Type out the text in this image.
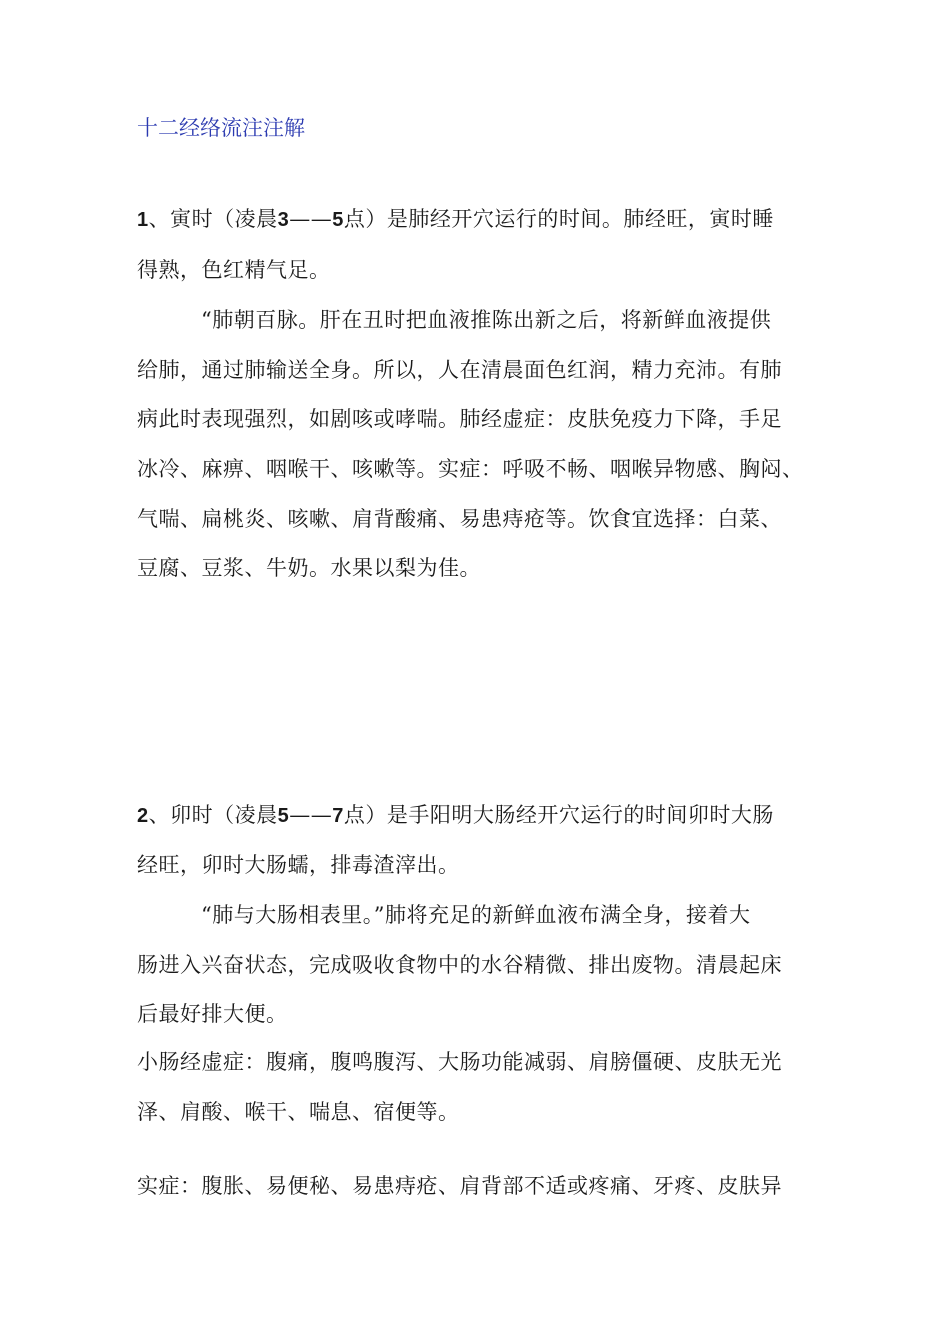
十二经络流注注解
1、寅时（凌晨3——5点）是肺经开穴运行的时间。肺经旺，寅时睡
得熟，色红精气足。
“肺朝百脉。肝在丑时把血液推陈出新之后，将新鲜血液提供
给肺，通过肺输送全身。所以，人在清晨面色红润，精力充沛。有肺
病此时表现强烈，如剧咳或哮喘。肺经虚症：皮肤免疫力下降，手足
冰冷、麻痹、咽喉干、咳嗽等。实症：呼吸不畅、咽喉异物感、胸闷、
气喘、扁桃炎、咳嗽、肩背酸痛、易患痔疮等。饮食宜选择：白菜、
豆腐、豆浆、牛奶。水果以梨为佳。
2、卯时（凌晨5——7点）是手阳明大肠经开穴运行的时间卯时大肠
经旺，卯时大肠蠕，排毒渣滓出。
“肺与大肠相表里。”肺将充足的新鲜血液布满全身，接着大
肠进入兴奋状态，完成吸收食物中的水谷精微、排出废物。清晨起床
后最好排大便。
小肠经虚症：腹痛，腹鸣腹泻、大肠功能减弱、肩膀僵硬、皮肤无光
泽、肩酸、喉干、喘息、宿便等。
实症：腹胀、易便秘、易患痔疮、肩背部不适或疼痛、牙疼、皮肤异
